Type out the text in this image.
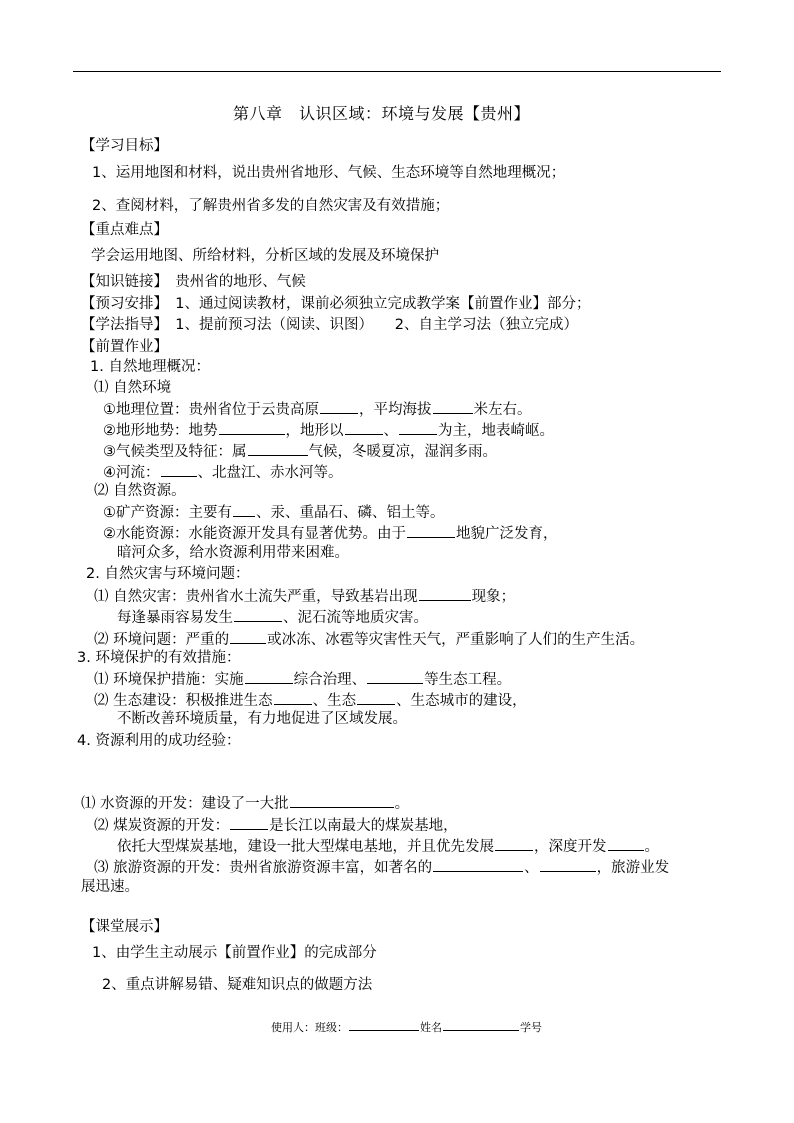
第八章　认识区域：环境与发展【贵州】
【学习目标】
1、运用地图和材料，说出贵州省地形、气候、生态环境等自然地理概况；
2、查阅材料，了解贵州省多发的自然灾害及有效措施；
【重点难点】
学会运用地图、所给材料，分析区域的发展及环境保护
【知识链接】　贵州省的地形、气候
【预习安排】　1、通过阅读教材，课前必须独立完成教学案【前置作业】部分；
【学法指导】　1、提前预习法（阅读、识图）　　2、自主学习法（独立完成）
【前置作业】
1. 自然地理概况：
⑴ 自然环境
①地理位置：贵州省位于云贵高原	，平均海拔	米左右。
②地形地势：地势	，地形以	、	为主，地表崎岖。
③气候类型及特征：属	气候，冬暖夏凉，湿润多雨。
④河流：	、北盘江、赤水河等。
⑵ 自然资源。
①矿产资源：主要有 、汞、重晶石、磷、铝土等。
②水能资源：水能资源开发具有显著优势。由于	地貌广泛发育，
暗河众多，给水资源利用带来困难。
2. 自然灾害与环境问题：
⑴ 自然灾害：贵州省水土流失严重，导致基岩出现	现象；
每逢暴雨容易发生	、泥石流等地质灾害。
⑵ 环境问题：严重的	或冰冻、冰雹等灾害性天气，严重影响了人们的生产生活。
3. 环境保护的有效措施：
⑴ 环境保护措施：实施	综合治理、	等生态工程。
⑵ 生态建设：积极推进生态	、生态	、生态城市的建设，
不断改善环境质量，有力地促进了区域发展。
4. 资源利用的成功经验：
⑴ 水资源的开发：建设了一大批	。
⑵ 煤炭资源的开发：	是长江以南最大的煤炭基地，
依托大型煤炭基地，建设一批大型煤电基地，并且优先发展	，深度开发	。
⑶ 旅游资源的开发：贵州省旅游资源丰富，如著名的	、	，旅游业发
展迅速。
【课堂展示】
1、由学生主动展示【前置作业】的完成部分
2、重点讲解易错、疑难知识点的做题方法
使用人：班级：	姓名	学号
